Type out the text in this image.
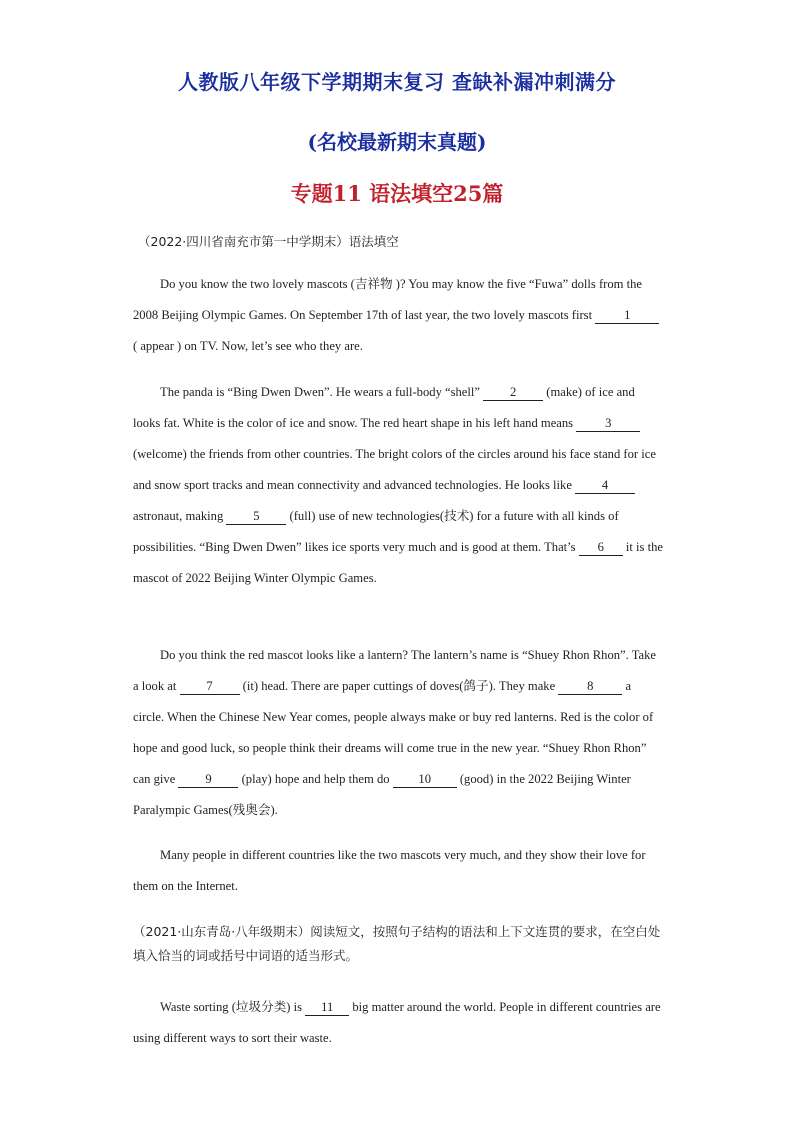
人教版八年级下学期期末复习 查缺补漏冲刺满分
(名校最新期末真题)
专题11 语法填空25篇
（2022·四川省南充市第一中学期末）语法填空
Do you know the two lovely mascots (吉祥物 )? You may know the five “Fuwa” dolls from the 2008 Beijing Olympic Games. On September 17th of last year, the two lovely mascots first 1 ( appear ) on TV. Now, let’s see who they are.
The panda is “Bing Dwen Dwen”. He wears a full-body “shell” 2 (make) of ice and looks fat. White is the color of ice and snow. The red heart shape in his left hand means 3 (welcome) the friends from other countries. The bright colors of the circles around his face stand for ice and snow sport tracks and mean connectivity and advanced technologies. He looks like 4 astronaut, making 5 (full) use of new technologies(技术) for a future with all kinds of possibilities. “Bing Dwen Dwen” likes ice sports very much and is good at them. That’s 6 it is the mascot of 2022 Beijing Winter Olympic Games.
Do you think the red mascot looks like a lantern? The lantern’s name is “Shuey Rhon Rhon”. Take a look at 7 (it) head. There are paper cuttings of doves(鸽子). They make 8 a circle. When the Chinese New Year comes, people always make or buy red lanterns. Red is the color of hope and good luck, so people think their dreams will come true in the new year. “Shuey Rhon Rhon” can give 9 (play) hope and help them do 10 (good) in the 2022 Beijing Winter Paralympic Games(残奥会).
Many people in different countries like the two mascots very much, and they show their love for them on the Internet.
（2021·山东青岛·八年级期末）阅读短文，按照句子结构的语法和上下文连贯的要求，在空白处填入恰当的词或括号中词语的适当形式。
Waste sorting (垃圾分类) is 11 big matter around the world. People in different countries are using different ways to sort their waste.
